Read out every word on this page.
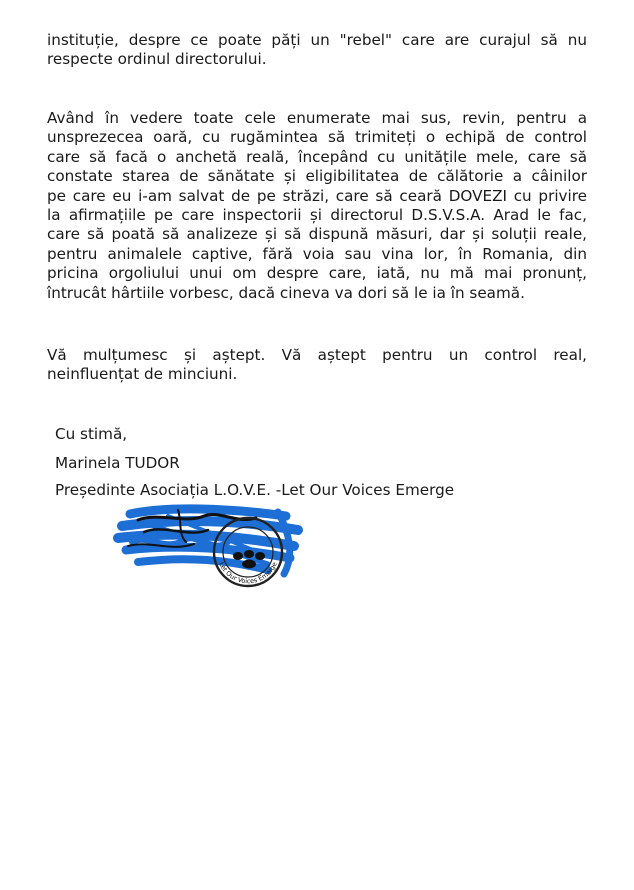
instituție, despre ce poate păți un "rebel" care are curajul să nu
respecte ordinul directorului.

Având în vedere toate cele enumerate mai sus, revin, pentru a
unsprezecea oară, cu rugămintea să trimiteți o echipă de control
care să facă o anchetă reală, începând cu unitățile mele, care să
constate starea de sănătate și eligibilitatea de călătorie a câinilor
pe care eu i-am salvat de pe străzi, care să ceară DOVEZI cu privire
la afirmațiile pe care inspectorii și directorul D.S.V.S.A. Arad le fac,
care să poată să analizeze și să dispună măsuri, dar și soluții reale,
pentru animalele captive, fără voia sau vina lor, în Romania, din
pricina orgoliului unui om despre care, iată, nu mă mai pronunț,
întrucât hârtiile vorbesc, dacă cineva va dori să le ia în seamă.

Vă mulțumesc și aștept. Vă aștept pentru un control real,
neinfluențat de minciuni.

Cu stimă,
Marinela TUDOR
Președinte Asociația L.O.V.E. -Let Our Voices Emerge
Let Our Voices Emerge
